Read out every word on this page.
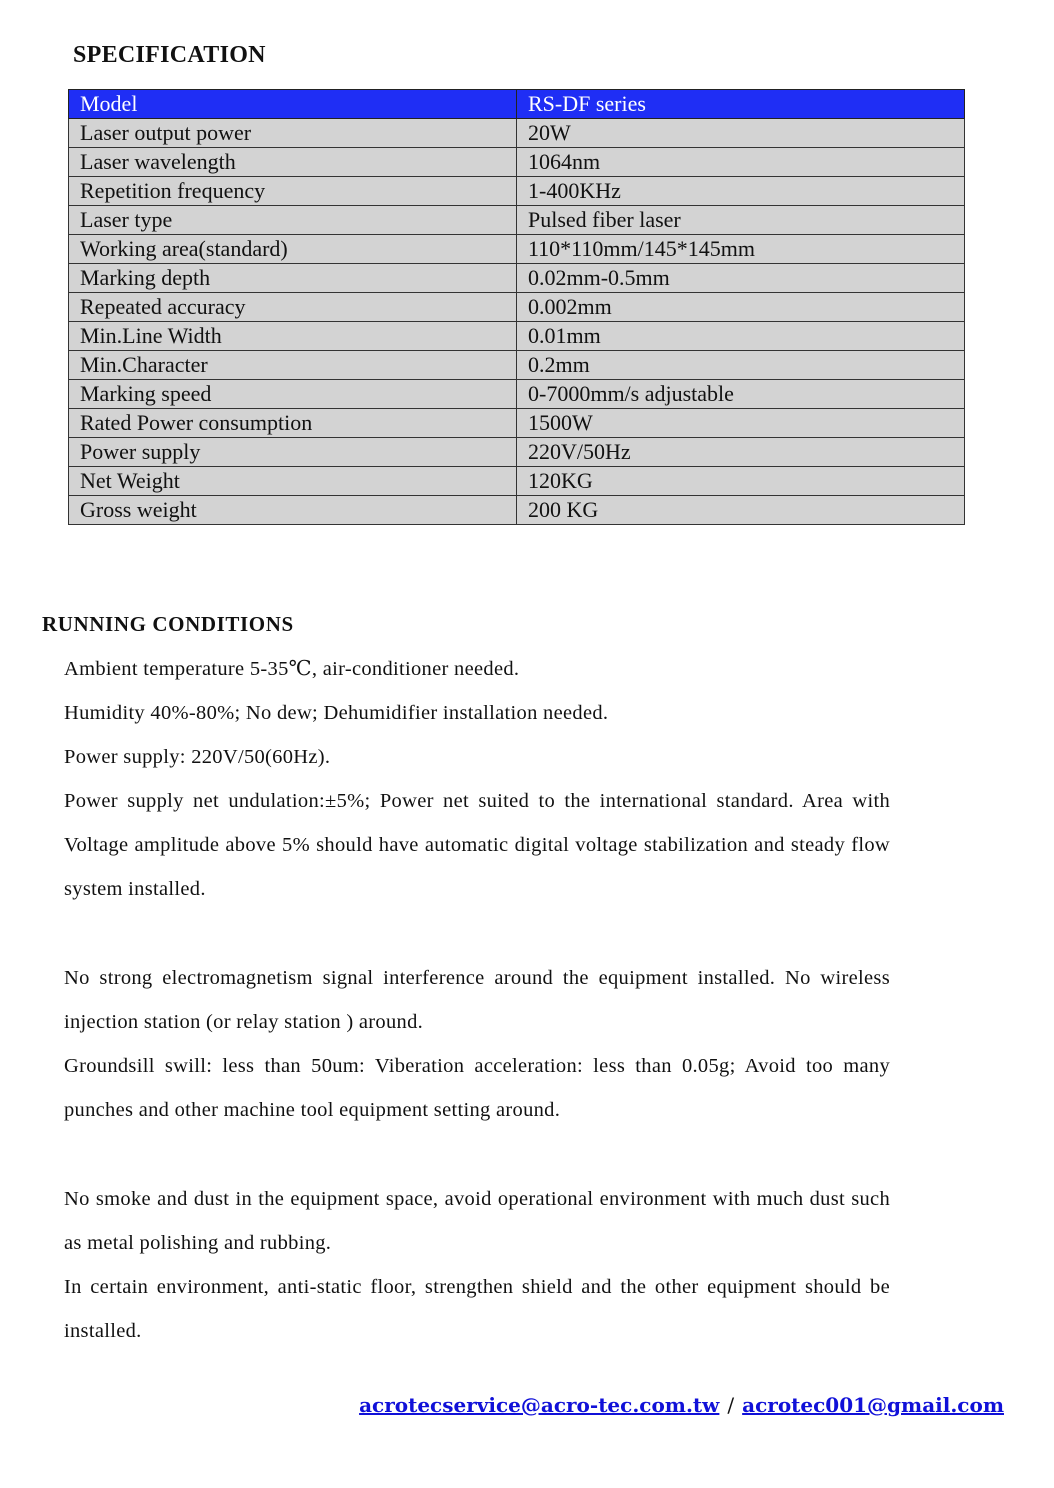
SPECIFICATION
Model	RS-DF series
Laser output power	20W
Laser wavelength	1064nm
Repetition frequency	1-400KHz
Laser type	Pulsed fiber laser
Working area(standard)	110*110mm/145*145mm
Marking depth	0.02mm-0.5mm
Repeated accuracy	0.002mm
Min.Line Width	0.01mm
Min.Character	0.2mm
Marking speed	0-7000mm/s adjustable
Rated Power consumption	1500W
Power supply	220V/50Hz
Net Weight	120KG
Gross weight	200 KG
RUNNING CONDITIONS
Ambient temperature 5-35℃, air-conditioner needed.
Humidity 40%-80%; No dew; Dehumidifier installation needed.
Power supply: 220V/50(60Hz).
Power supply net undulation:±5%; Power net suited to the international standard. Area with Voltage amplitude above 5% should have automatic digital voltage stabilization and steady flow system installed.
No strong electromagnetism signal interference around the equipment installed. No wireless injection station (or relay station ) around.
Groundsill swill: less than 50um: Viberation acceleration: less than 0.05g; Avoid too many punches and other machine tool equipment setting around.
No smoke and dust in the equipment space, avoid operational environment with much dust such as metal polishing and rubbing.
In certain environment, anti-static floor, strengthen shield and the other equipment should be installed.
acrotecservice@acro-tec.com.tw / acrotec001@gmail.com
